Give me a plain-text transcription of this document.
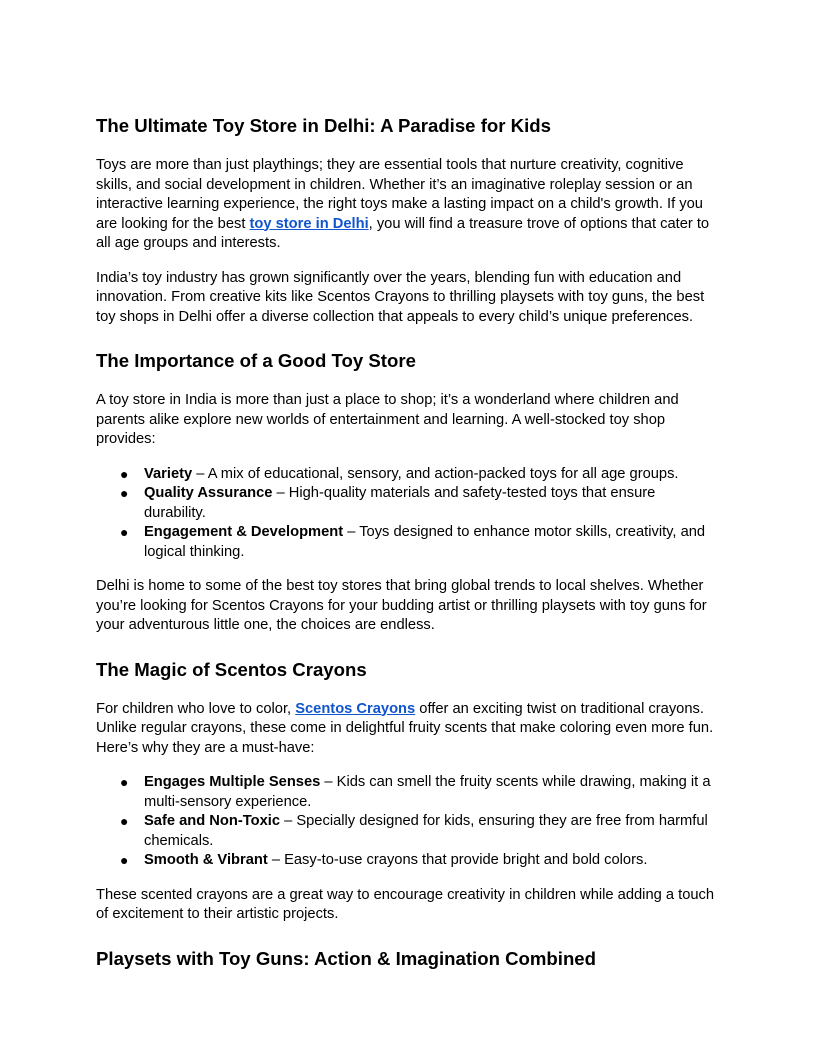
The Ultimate Toy Store in Delhi: A Paradise for Kids

Toys are more than just playthings; they are essential tools that nurture creativity, cognitive skills, and social development in children. Whether it’s an imaginative roleplay session or an interactive learning experience, the right toys make a lasting impact on a child's growth. If you are looking for the best toy store in Delhi, you will find a treasure trove of options that cater to all age groups and interests.

India’s toy industry has grown significantly over the years, blending fun with education and innovation. From creative kits like Scentos Crayons to thrilling playsets with toy guns, the best toy shops in Delhi offer a diverse collection that appeals to every child’s unique preferences.

The Importance of a Good Toy Store

A toy store in India is more than just a place to shop; it’s a wonderland where children and parents alike explore new worlds of entertainment and learning. A well-stocked toy shop provides:

● Variety – A mix of educational, sensory, and action-packed toys for all age groups.
● Quality Assurance – High-quality materials and safety-tested toys that ensure durability.
● Engagement & Development – Toys designed to enhance motor skills, creativity, and logical thinking.

Delhi is home to some of the best toy stores that bring global trends to local shelves. Whether you’re looking for Scentos Crayons for your budding artist or thrilling playsets with toy guns for your adventurous little one, the choices are endless.

The Magic of Scentos Crayons

For children who love to color, Scentos Crayons offer an exciting twist on traditional crayons. Unlike regular crayons, these come in delightful fruity scents that make coloring even more fun. Here’s why they are a must-have:

● Engages Multiple Senses – Kids can smell the fruity scents while drawing, making it a multi-sensory experience.
● Safe and Non-Toxic – Specially designed for kids, ensuring they are free from harmful chemicals.
● Smooth & Vibrant – Easy-to-use crayons that provide bright and bold colors.

These scented crayons are a great way to encourage creativity in children while adding a touch of excitement to their artistic projects.

Playsets with Toy Guns: Action & Imagination Combined
